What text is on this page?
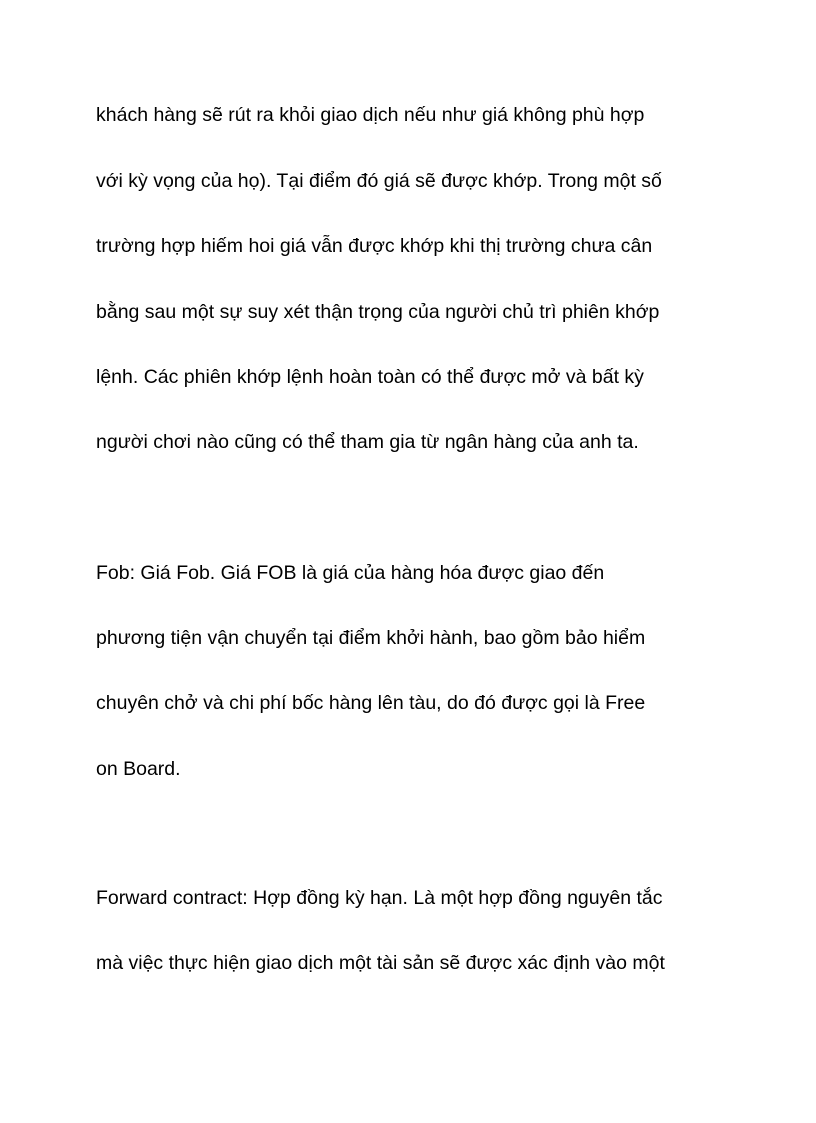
khách hàng sẽ rút ra khỏi giao dịch nếu như giá không phù hợp
với kỳ vọng của họ). Tại điểm đó giá sẽ được khớp. Trong một số
trường hợp hiếm hoi giá vẫn được khớp khi thị trường chưa cân
bằng sau một sự suy xét thận trọng của người chủ trì phiên khớp
lệnh. Các phiên khớp lệnh hoàn toàn có thể được mở và bất kỳ
người chơi nào cũng có thể tham gia từ ngân hàng của anh ta.
Fob: Giá Fob. Giá FOB là giá của hàng hóa được giao đến
phương tiện vận chuyển tại điểm khởi hành, bao gồm bảo hiểm
chuyên chở và chi phí bốc hàng lên tàu, do đó được gọi là Free
on Board.
Forward contract: Hợp đồng kỳ hạn. Là một hợp đồng nguyên tắc
mà việc thực hiện giao dịch một tài sản sẽ được xác định vào một
